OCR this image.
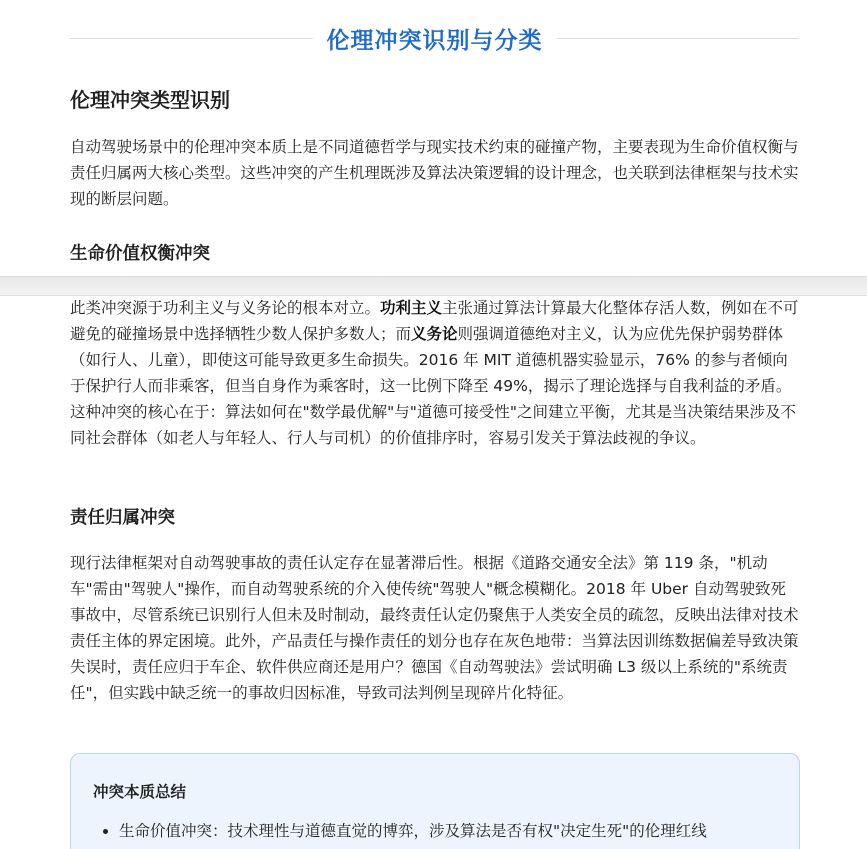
伦理冲突识别与分类
伦理冲突类型识别

自动驾驶场景中的伦理冲突本质上是不同道德哲学与现实技术约束的碰撞产物，主要表现为生命价值权衡与责任归属两大核心类型。这些冲突的产生机理既涉及算法决策逻辑的设计理念，也关联到法律框架与技术实现的断层问题。

生命价值权衡冲突

此类冲突源于功利主义与义务论的根本对立。功利主义主张通过算法计算最大化整体存活人数，例如在不可避免的碰撞场景中选择牺牲少数人保护多数人；而义务论则强调道德绝对主义，认为应优先保护弱势群体（如行人、儿童），即使这可能导致更多生命损失。2016 年 MIT 道德机器实验显示，76% 的参与者倾向于保护行人而非乘客，但当自身作为乘客时，这一比例下降至 49%，揭示了理论选择与自我利益的矛盾。这种冲突的核心在于：算法如何在"数学最优解"与"道德可接受性"之间建立平衡，尤其是当决策结果涉及不同社会群体（如老人与年轻人、行人与司机）的价值排序时，容易引发关于算法歧视的争议。

责任归属冲突

现行法律框架对自动驾驶事故的责任认定存在显著滞后性。根据《道路交通安全法》第 119 条，"机动车"需由"驾驶人"操作，而自动驾驶系统的介入使传统"驾驶人"概念模糊化。2018 年 Uber 自动驾驶致死事故中，尽管系统已识别行人但未及时制动，最终责任认定仍聚焦于人类安全员的疏忽，反映出法律对技术责任主体的界定困境。此外，产品责任与操作责任的划分也存在灰色地带：当算法因训练数据偏差导致决策失误时，责任应归于车企、软件供应商还是用户？德国《自动驾驶法》尝试明确 L3 级以上系统的"系统责任"，但实践中缺乏统一的事故归因标准，导致司法判例呈现碎片化特征。

冲突本质总结
• 生命价值冲突：技术理性与道德直觉的博弈，涉及算法是否有权"决定生死"的伦理红线
